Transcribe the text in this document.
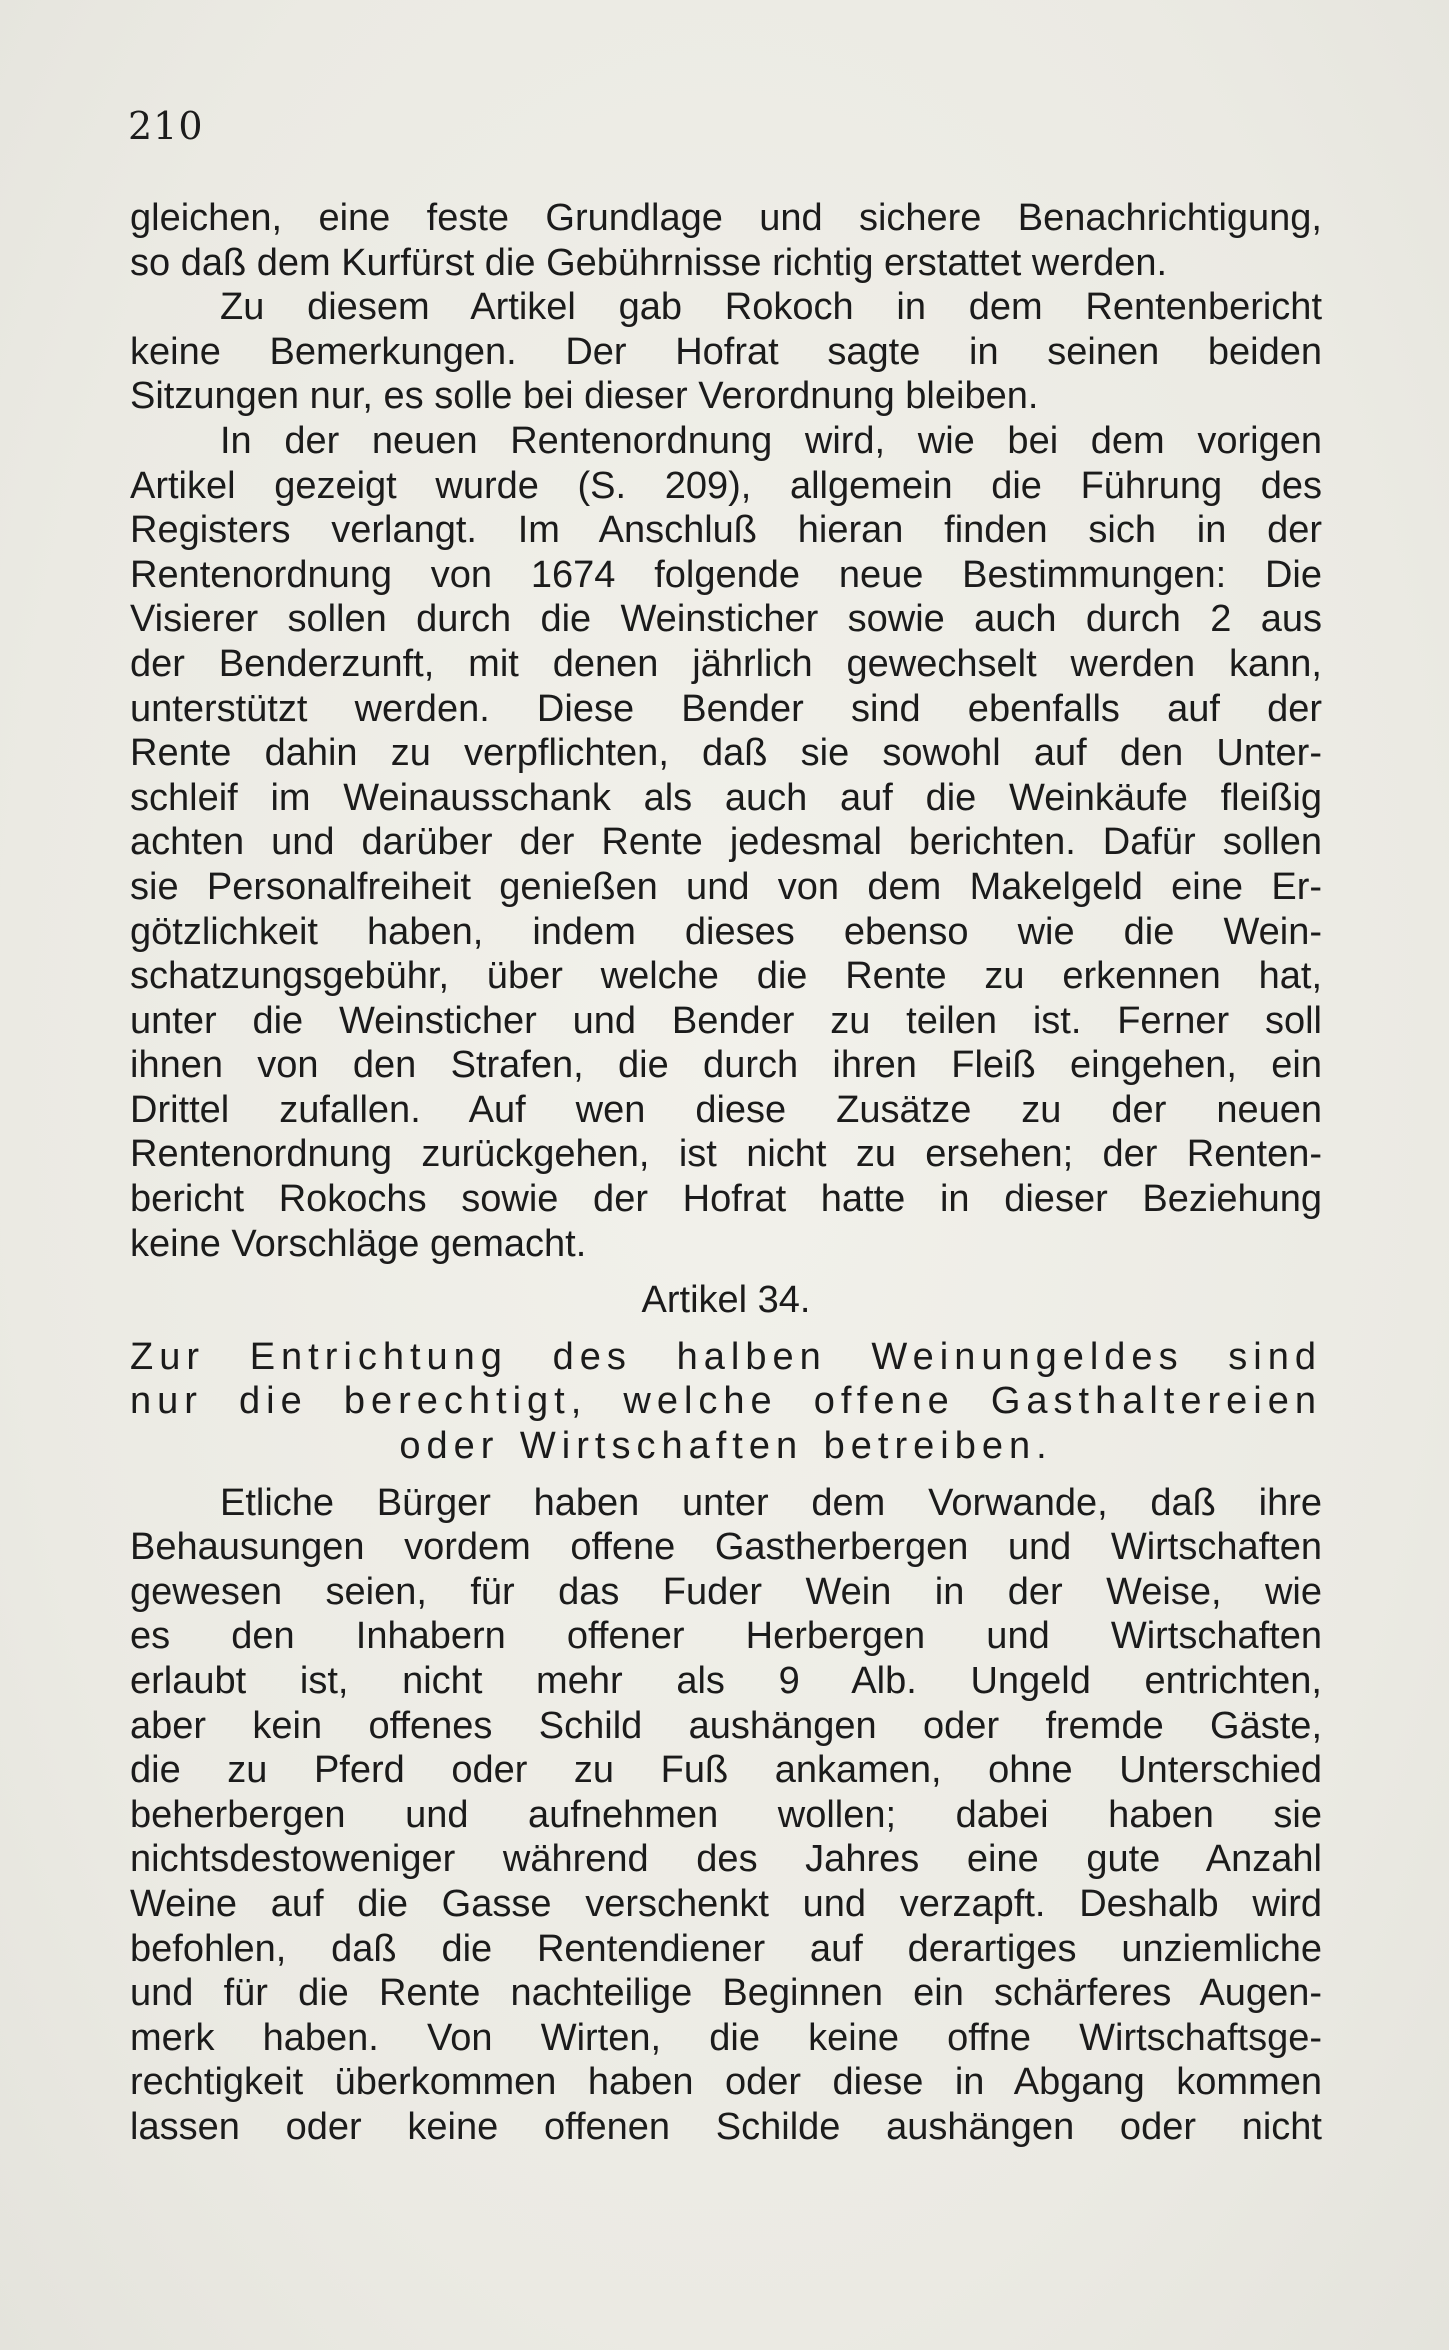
210
gleichen, eine feste Grundlage und sichere Benachrichtigung,
so daß dem Kurfürst die Gebührnisse richtig erstattet werden.
Zu diesem Artikel gab Rokoch in dem Rentenbericht
keine Bemerkungen. Der Hofrat sagte in seinen beiden
Sitzungen nur, es solle bei dieser Verordnung bleiben.
In der neuen Rentenordnung wird, wie bei dem vorigen
Artikel gezeigt wurde (S. 209), allgemein die Führung des
Registers verlangt. Im Anschluß hieran finden sich in der
Rentenordnung von 1674 folgende neue Bestimmungen: Die
Visierer sollen durch die Weinsticher sowie auch durch 2 aus
der Benderzunft, mit denen jährlich gewechselt werden kann,
unterstützt werden. Diese Bender sind ebenfalls auf der
Rente dahin zu verpflichten, daß sie sowohl auf den Unter-
schleif im Weinausschank als auch auf die Weinkäufe fleißig
achten und darüber der Rente jedesmal berichten. Dafür sollen
sie Personalfreiheit genießen und von dem Makelgeld eine Er-
götzlichkeit haben, indem dieses ebenso wie die Wein-
schatzungsgebühr, über welche die Rente zu erkennen hat,
unter die Weinsticher und Bender zu teilen ist. Ferner soll
ihnen von den Strafen, die durch ihren Fleiß eingehen, ein
Drittel zufallen. Auf wen diese Zusätze zu der neuen
Rentenordnung zurückgehen, ist nicht zu ersehen; der Renten-
bericht Rokochs sowie der Hofrat hatte in dieser Beziehung
keine Vorschläge gemacht.
Artikel 34.
Zur Entrichtung des halben Weinungeldes sind
nur die berechtigt, welche offene Gasthaltereien
oder Wirtschaften betreiben.
Etliche Bürger haben unter dem Vorwande, daß ihre
Behausungen vordem offene Gastherbergen und Wirtschaften
gewesen seien, für das Fuder Wein in der Weise, wie
es den Inhabern offener Herbergen und Wirtschaften
erlaubt ist, nicht mehr als 9 Alb. Ungeld entrichten,
aber kein offenes Schild aushängen oder fremde Gäste,
die zu Pferd oder zu Fuß ankamen, ohne Unterschied
beherbergen und aufnehmen wollen; dabei haben sie
nichtsdestoweniger während des Jahres eine gute Anzahl
Weine auf die Gasse verschenkt und verzapft. Deshalb wird
befohlen, daß die Rentendiener auf derartiges unziemliche
und für die Rente nachteilige Beginnen ein schärferes Augen-
merk haben. Von Wirten, die keine offne Wirtschaftsge-
rechtigkeit überkommen haben oder diese in Abgang kommen
lassen oder keine offenen Schilde aushängen oder nicht
